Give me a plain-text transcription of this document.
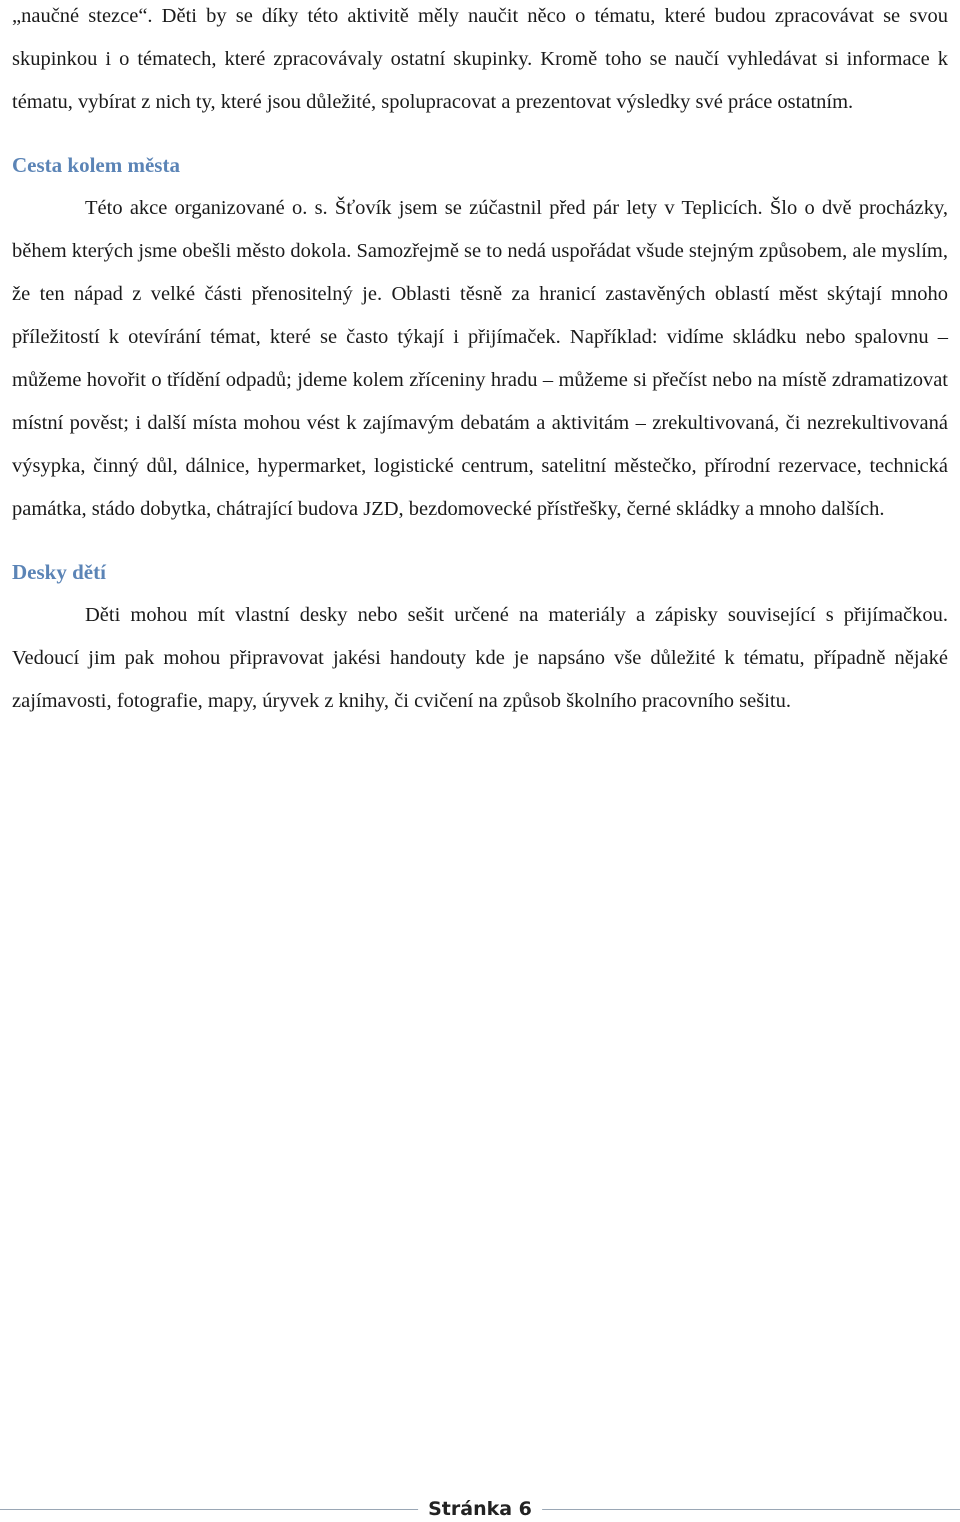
„naučné stezce“. Děti by se díky této aktivitě měly naučit něco o tématu, které budou zpracovávat se svou skupinkou i o tématech, které zpracovávaly ostatní skupinky. Kromě toho se naučí vyhledávat si informace k tématu, vybírat z nich ty, které jsou důležité, spolupracovat a prezentovat výsledky své práce ostatním.

Cesta kolem města

Této akce organizované o. s. Šťovík jsem se zúčastnil před pár lety v Teplicích. Šlo o dvě procházky, během kterých jsme obešli město dokola. Samozřejmě se to nedá uspořádat všude stejným způsobem, ale myslím, že ten nápad z velké části přenositelný je. Oblasti těsně za hranicí zastavěných oblastí měst skýtají mnoho příležitostí k otevírání témat, které se často týkají i přijímaček. Například: vidíme skládku nebo spalovnu – můžeme hovořit o třídění odpadů; jdeme kolem zříceniny hradu – můžeme si přečíst nebo na místě zdramatizovat místní pověst; i další místa mohou vést k zajímavým debatám a aktivitám – zrekultivovaná, či nezrekultivovaná výsypka, činný důl, dálnice, hypermarket, logistické centrum, satelitní městečko, přírodní rezervace, technická památka, stádo dobytka, chátrající budova JZD, bezdomovecké přístřešky, černé skládky a mnoho dalších.

Desky dětí

Děti mohou mít vlastní desky nebo sešit určené na materiály a zápisky související s přijímačkou. Vedoucí jim pak mohou připravovat jakési handouty kde je napsáno vše důležité k tématu, případně nějaké zajímavosti, fotografie, mapy, úryvek z knihy, či cvičení na způsob školního pracovního sešitu.

Stránka 6
